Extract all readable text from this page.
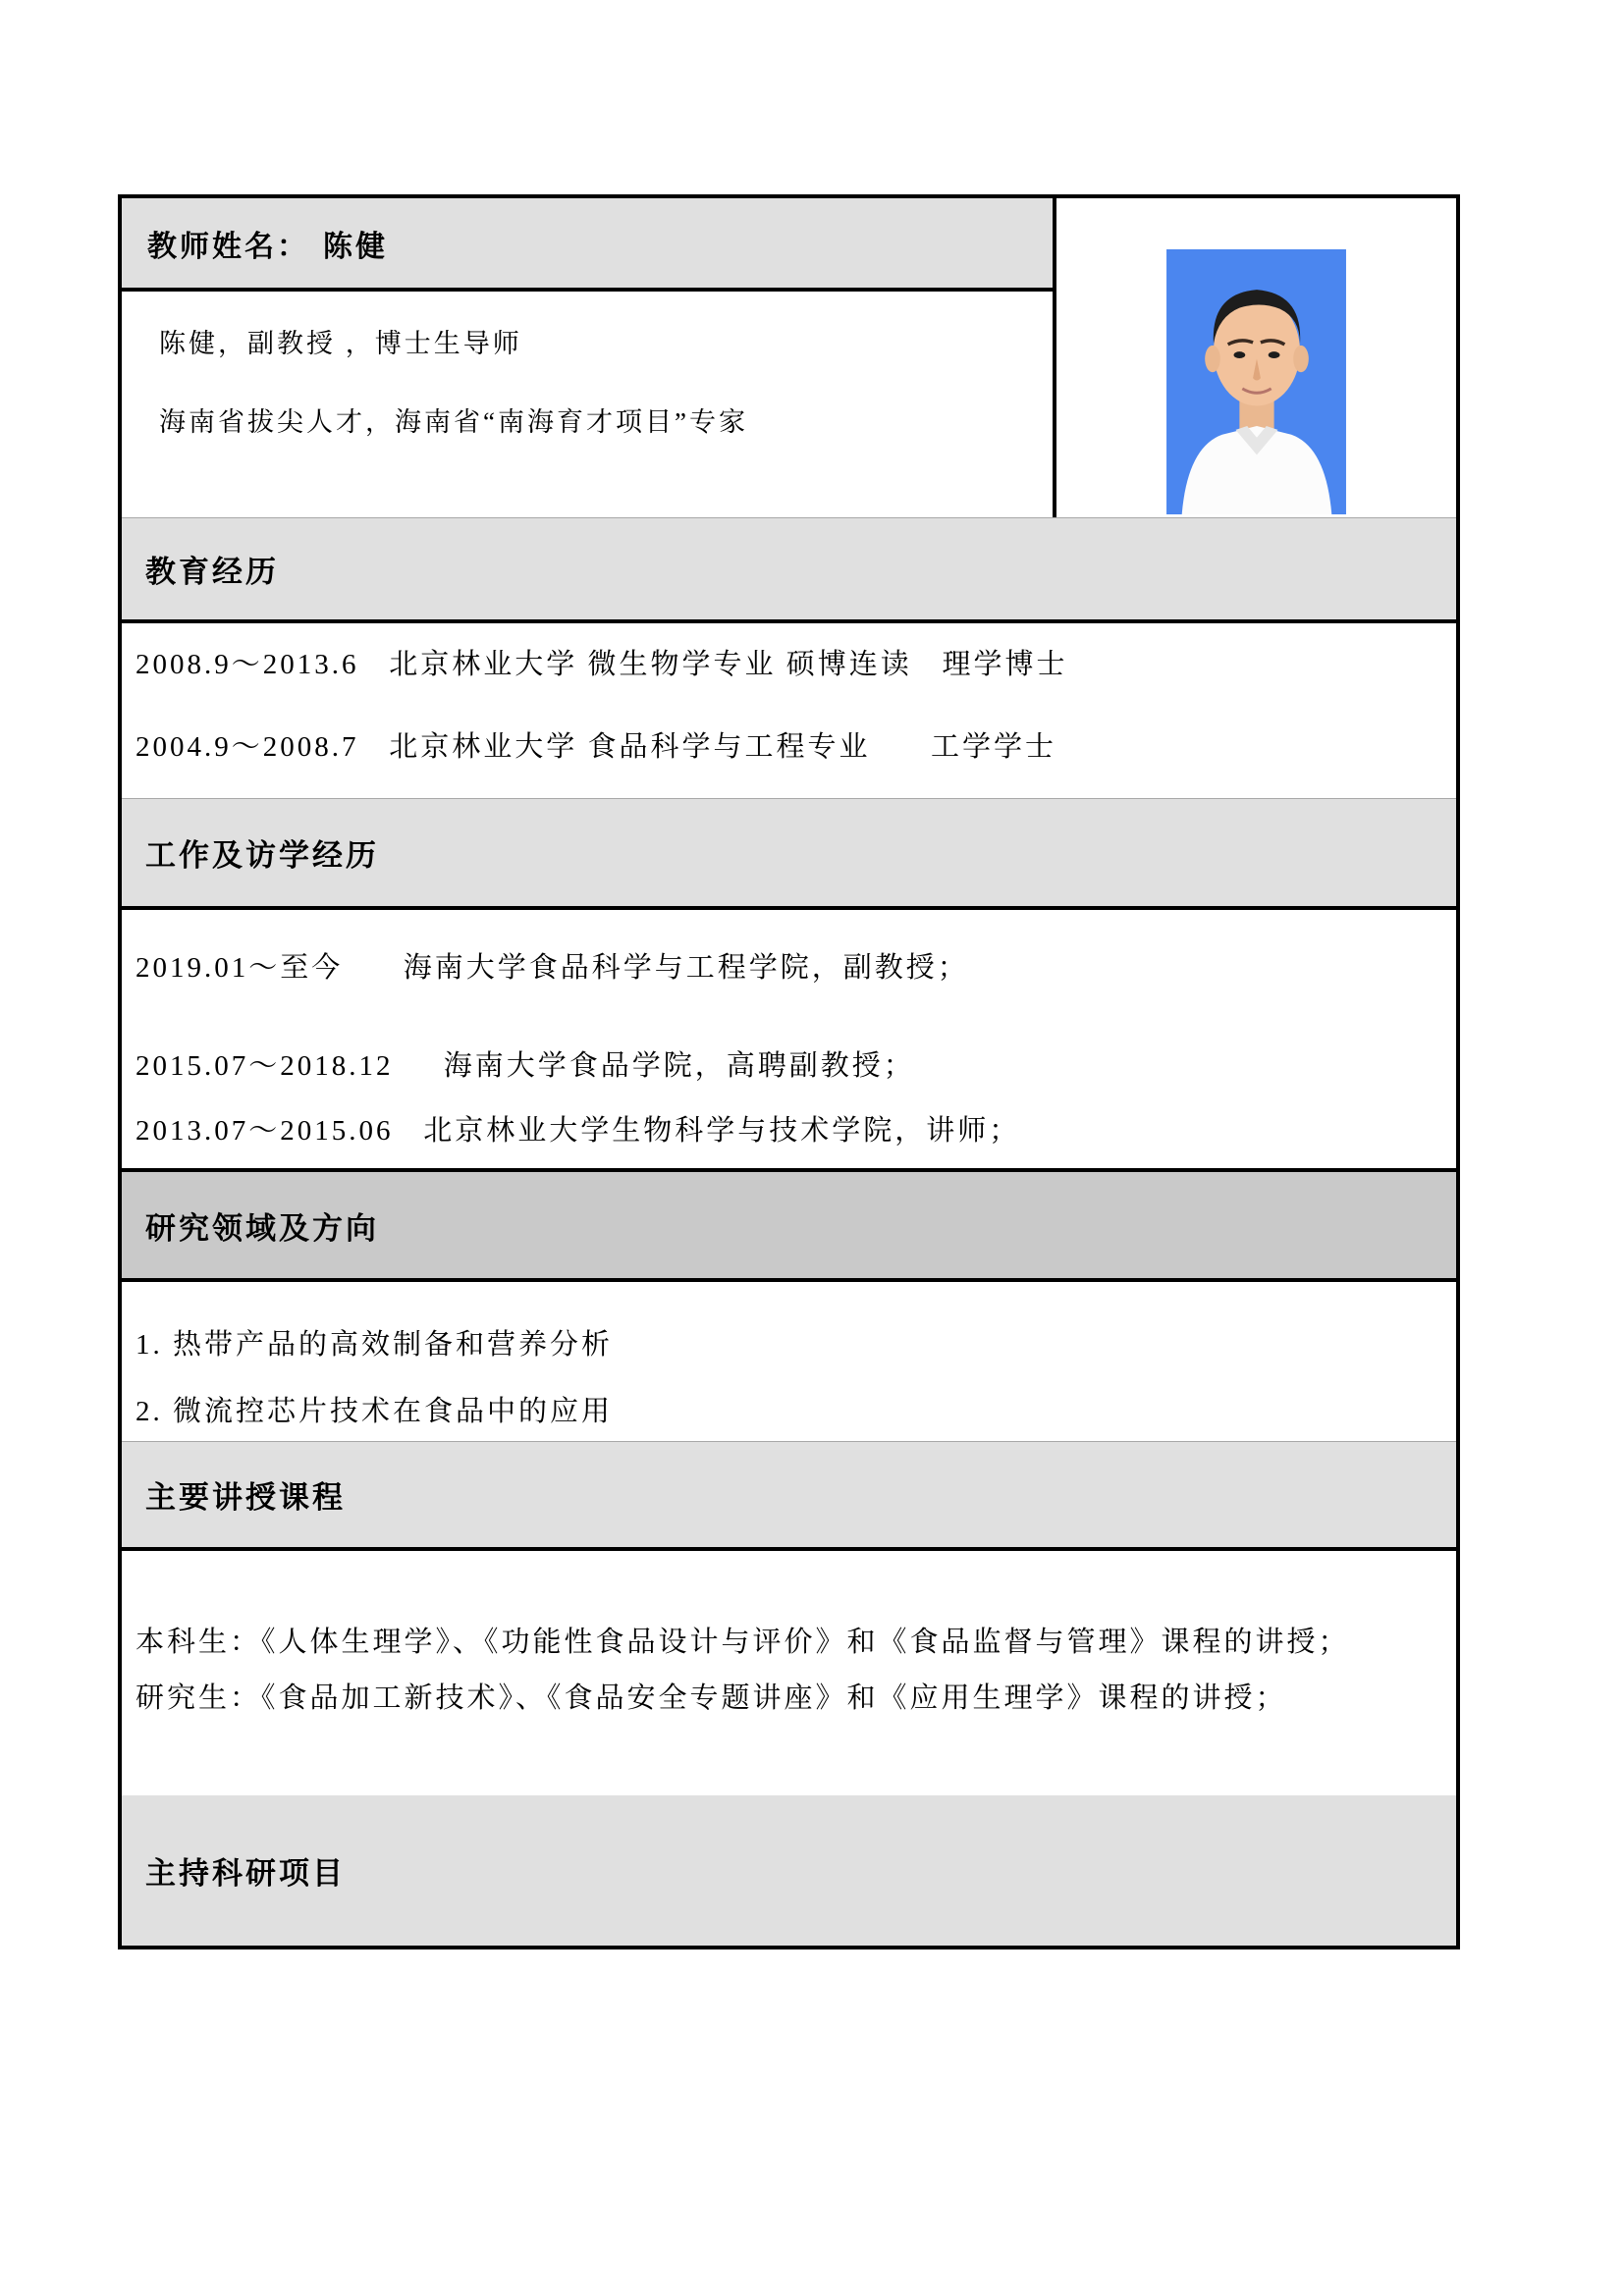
教师姓名： 陈健
陈健，副教授 ，博士生导师
海南省拔尖人才，海南省“南海育才项目”专家
教育经历
2008.9～2013.6   北京林业大学 微生物学专业 硕博连读   理学博士
2004.9～2008.7   北京林业大学 食品科学与工程专业      工学学士
工作及访学经历
2019.01～至今      海南大学食品科学与工程学院，副教授；
2015.07～2018.12     海南大学食品学院，高聘副教授；
2013.07～2015.06   北京林业大学生物科学与技术学院，讲师；
研究领域及方向
1. 热带产品的高效制备和营养分析
2. 微流控芯片技术在食品中的应用
主要讲授课程
本科生：《人体生理学》、《功能性食品设计与评价》和《食品监督与管理》课程的讲授；
研究生：《食品加工新技术》、《食品安全专题讲座》和《应用生理学》课程的讲授；
主持科研项目
